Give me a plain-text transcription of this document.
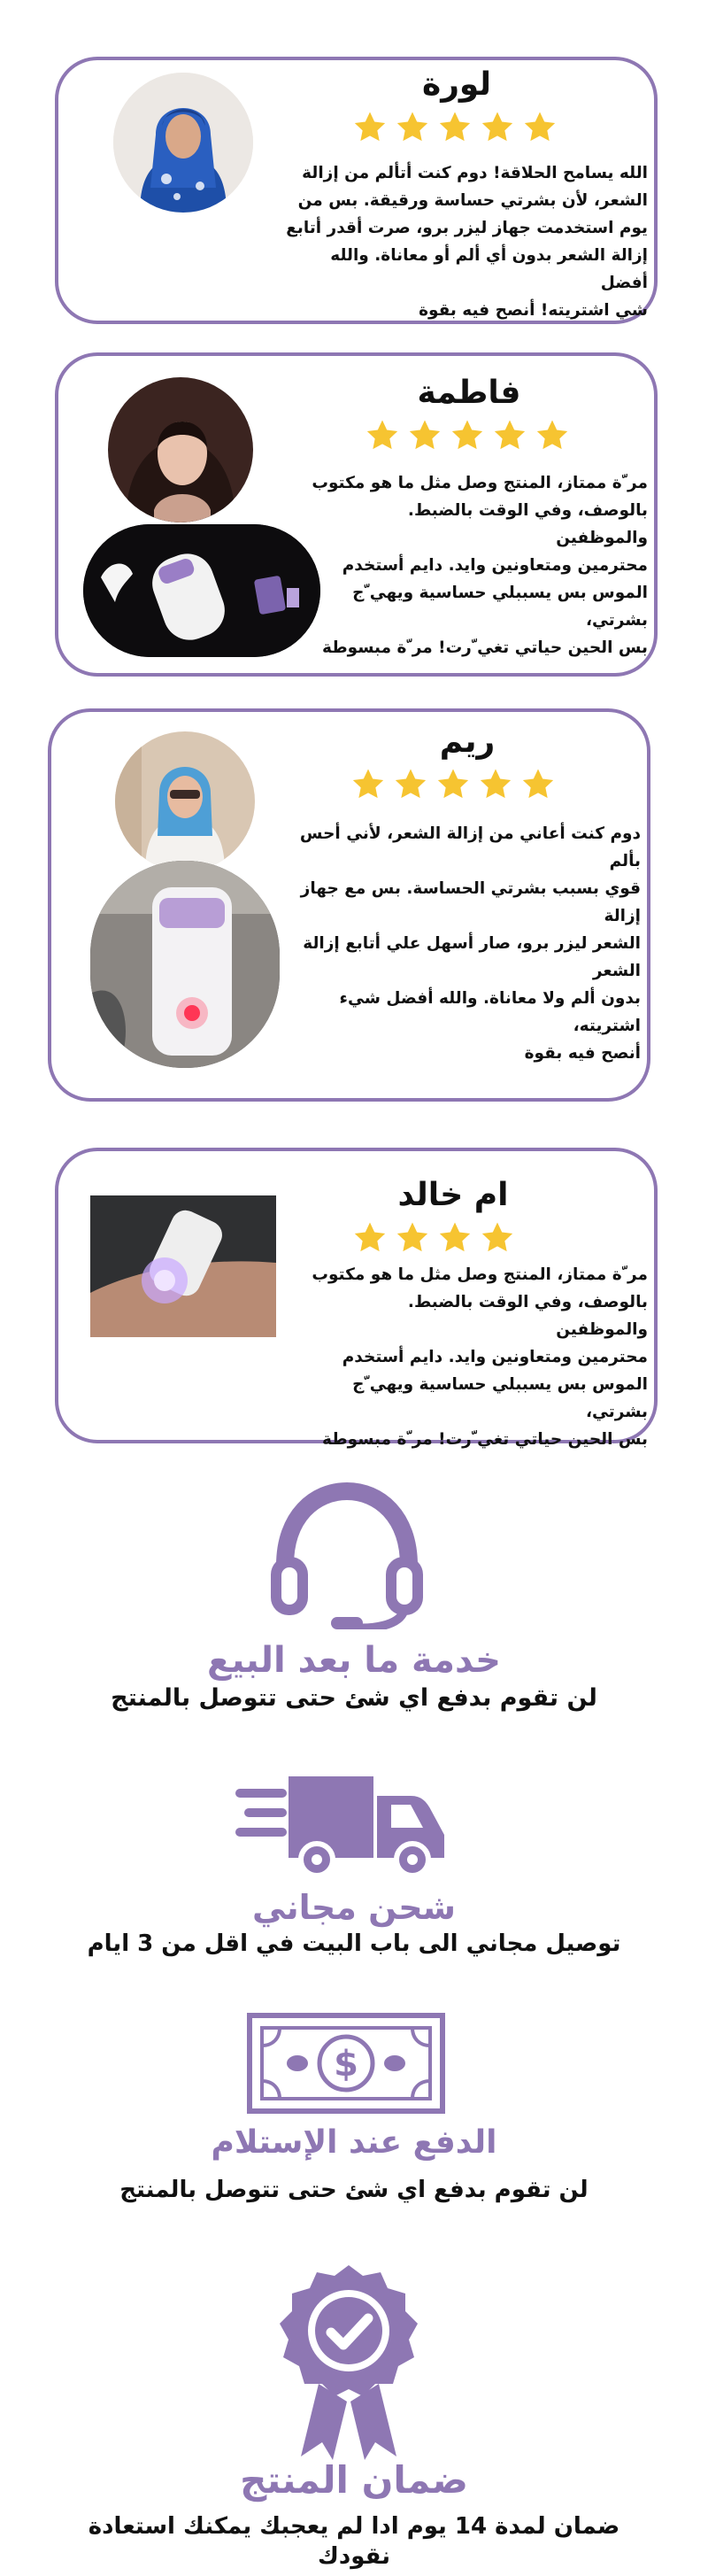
لورة
الله يسامح الحلاقة! دوم كنت أتألم من إزالة
الشعر، لأن بشرتي حساسة ورقيقة. بس من
يوم استخدمت جهاز ليزر برو، صرت أقدر أتابع
إزالة الشعر بدون أي ألم أو معاناة. والله أفضل
شي اشتريته! أنصح فيه بقوة
فاطمة
مر ّة ممتاز، المنتج وصل مثل ما هو مكتوب
بالوصف، وفي الوقت بالضبط. والموظفين
محترمين ومتعاونين وايد. دايم أستخدم
الموس بس يسببلي حساسية ويهي ّج بشرتي،
بس الحين حياتي تغي ّرت! مر ّة مبسوطة
ريم
دوم كنت أعاني من إزالة الشعر، لأني أحس بألم
قوي بسبب بشرتي الحساسة. بس مع جهاز إزالة
الشعر ليزر برو، صار أسهل علي أتابع إزالة الشعر
بدون ألم ولا معاناة. والله أفضل شيء اشتريته،
أنصح فيه بقوة
ام خالد
مر ّة ممتاز، المنتج وصل مثل ما هو مكتوب
بالوصف، وفي الوقت بالضبط. والموظفين
محترمين ومتعاونين وايد. دايم أستخدم
الموس بس يسببلي حساسية ويهي ّج بشرتي،
بس الحين حياتي تغي ّرت! مر ّة مبسوطة
خدمة ما بعد البيع
لن تقوم بدفع اي شئ حتى تتوصل بالمنتج
شحن مجاني
توصيل مجاني الى باب البيت في اقل من 3 ايام
$
الدفع عند الإستلام
لن تقوم بدفع اي شئ حتى تتوصل بالمنتج
ضمان المنتج
ضمان لمدة 14 يوم ادا لم يعجبك يمكنك استعادة
نقودك
